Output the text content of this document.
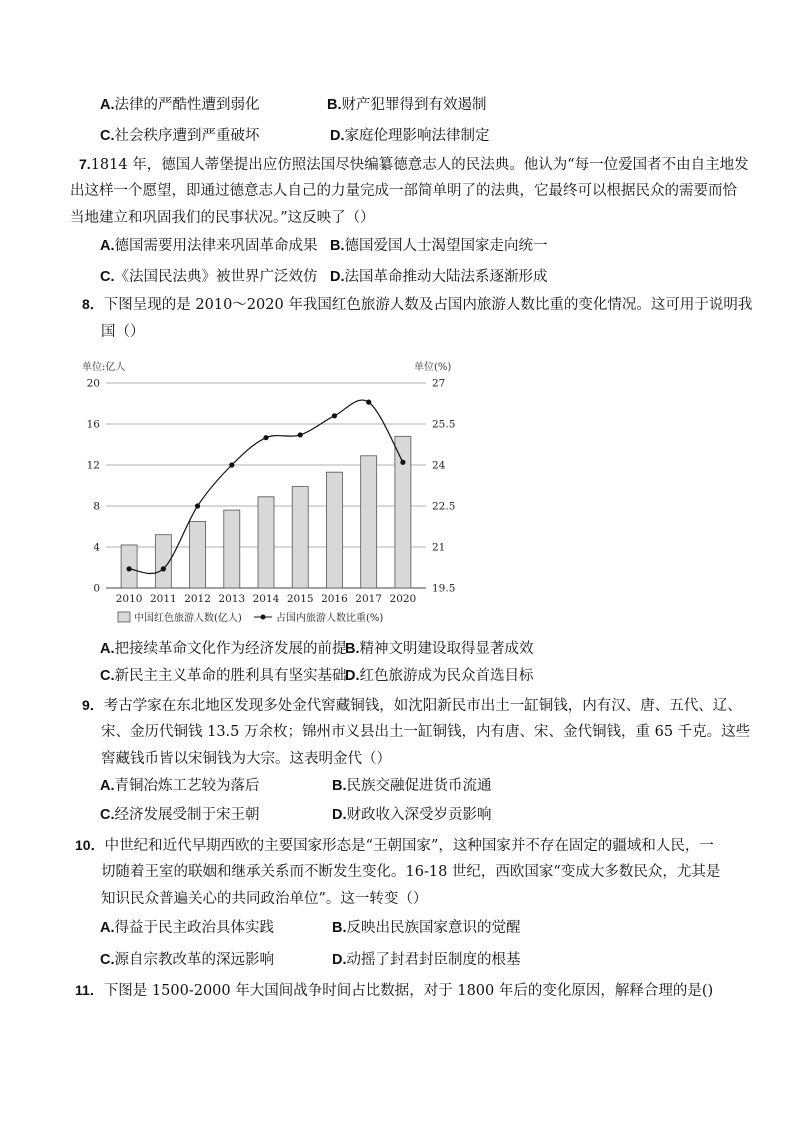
A.法律的严酷性遭到弱化	B.财产犯罪得到有效遏制
C.社会秩序遭到严重破坏	D.家庭伦理影响法律制定
7.1814 年，德国人蒂堡提出应仿照法国尽快编纂德意志人的民法典。他认为“每一位爱国者不由自主地发
出这样一个愿望，即通过德意志人自己的力量完成一部简单明了的法典，它最终可以根据民众的需要而恰
当地建立和巩固我们的民事状况。”这反映了（）
A.德国需要用法律来巩固革命成果 B.德国爱国人士渴望国家走向统一
C.《法国民法典》被世界广泛效仿 D.法国革命推动大陆法系逐渐形成
8．下图呈现的是 2010～2020 年我国红色旅游人数及占国内旅游人数比重的变化情况。这可用于说明我
国（）
单位:亿人	单位(%)
0
4
8
12
16
20
19.5
21
22.5
24
25.5
27
2010 2011 2012 2013 2014 2015 2016 2017 2020
中国红色旅游人数(亿人)	占国内旅游人数比重(%)
A.把接续革命文化作为经济发展的前提
B.精神文明建设取得显著成效
C.新民主主义革命的胜利具有坚实基础
D.红色旅游成为民众首选目标
9．考古学家在东北地区发现多处金代窖藏铜钱，如沈阳新民市出土一缸铜钱，内有汉、唐、五代、辽、
宋、金历代铜钱 13.5 万余枚；锦州市义县出土一缸铜钱，内有唐、宋、金代铜钱，重 65 千克。这些
窖藏钱币皆以宋铜钱为大宗。这表明金代（）
A.青铜冶炼工艺较为落后	B.民族交融促进货币流通
C.经济发展受制于宋王朝	D.财政收入深受岁贡影响
10．中世纪和近代早期西欧的主要国家形态是“王朝国家”，这种国家并不存在固定的疆域和人民，一
切随着王室的联姻和继承关系而不断发生变化。16-18 世纪，西欧国家“变成大多数民众，尤其是
知识民众普遍关心的共同政治单位”。这一转变（）
A.得益于民主政治具体实践	B.反映出民族国家意识的觉醒
C.源自宗教改革的深远影响	D.动摇了封君封臣制度的根基
11．下图是 1500-2000 年大国间战争时间占比数据，对于 1800 年后的变化原因，解释合理的是()
